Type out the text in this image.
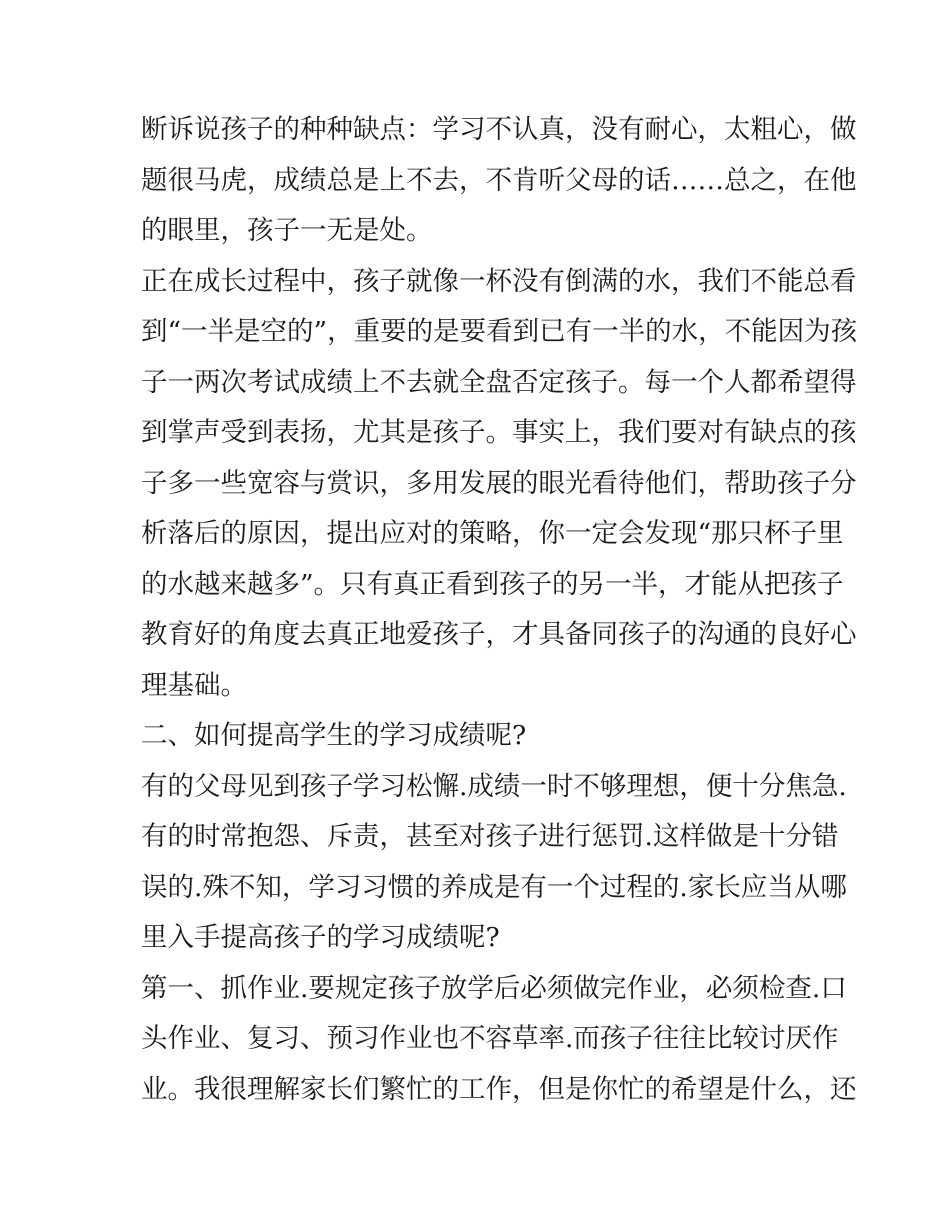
断诉说孩子的种种缺点：学习不认真，没有耐心，太粗心，做
题很马虎，成绩总是上不去，不肯听父母的话……总之，在他
的眼里，孩子一无是处。
正在成长过程中，孩子就像一杯没有倒满的水，我们不能总看
到“一半是空的”，重要的是要看到已有一半的水，不能因为孩
子一两次考试成绩上不去就全盘否定孩子。每一个人都希望得
到掌声受到表扬，尤其是孩子。事实上，我们要对有缺点的孩
子多一些宽容与赏识，多用发展的眼光看待他们，帮助孩子分
析落后的原因，提出应对的策略，你一定会发现“那只杯子里
的水越来越多”。只有真正看到孩子的另一半，才能从把孩子
教育好的角度去真正地爱孩子，才具备同孩子的沟通的良好心
理基础。
二、如何提高学生的学习成绩呢?
有的父母见到孩子学习松懈.成绩一时不够理想，便十分焦急.
有的时常抱怨、斥责，甚至对孩子进行惩罚.这样做是十分错
误的.殊不知，学习习惯的养成是有一个过程的.家长应当从哪
里入手提高孩子的学习成绩呢?
第一、抓作业.要规定孩子放学后必须做完作业，必须检查.口
头作业、复习、预习作业也不容草率.而孩子往往比较讨厌作
业。我很理解家长们繁忙的工作，但是你忙的希望是什么，还
